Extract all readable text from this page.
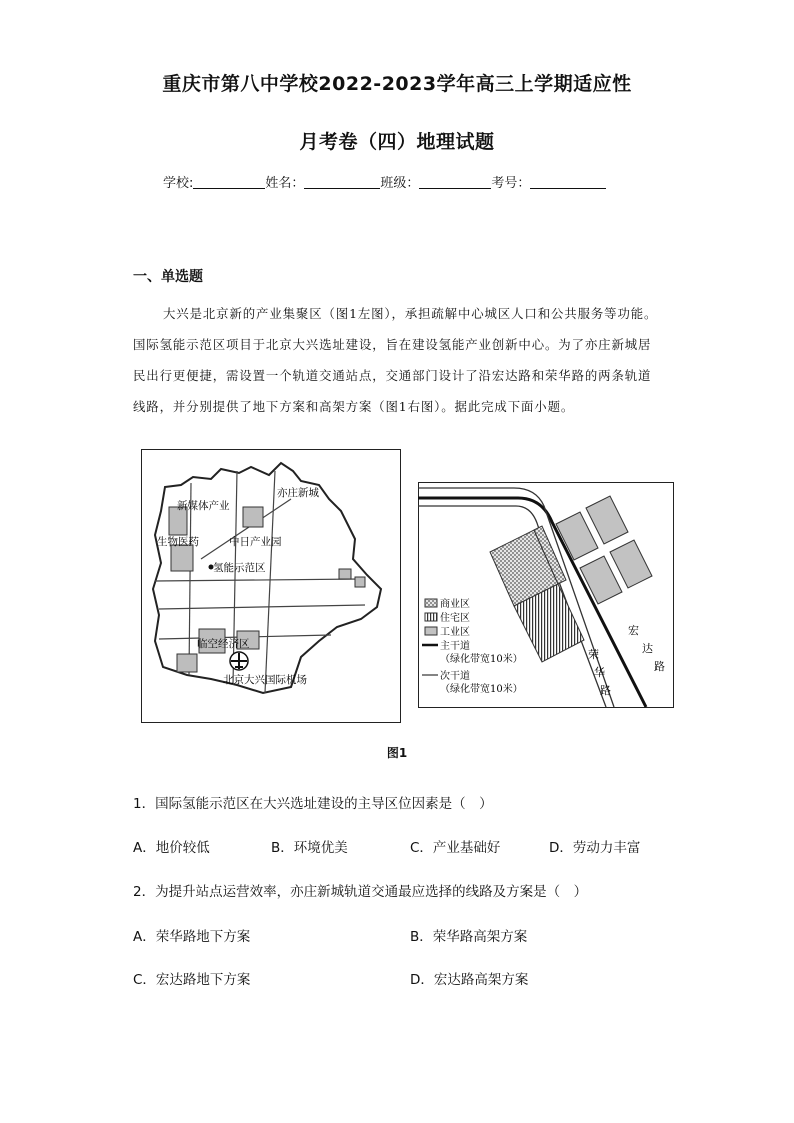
重庆市第八中学校2022-2023学年高三上学期适应性
月考卷（四）地理试题
学校:	姓名：	班级：	考号：
一、单选题
大兴是北京新的产业集聚区（图1左图），承担疏解中心城区人口和公共服务等功能。国际氢能示范区项目于北京大兴选址建设，旨在建设氢能产业创新中心。为了亦庄新城居民出行更便捷，需设置一个轨道交通站点，交通部门设计了沿宏达路和荣华路的两条轨道线路，并分别提供了地下方案和高架方案（图1右图）。据此完成下面小题。
亦庄新城
新媒体产业
生物医药	中日产业园
氢能示范区
临空经济区
北京大兴国际机场
商业区
住宅区
工业区
主干道
（绿化带宽10米）
次干道
（绿化带宽10米）
荣
华
路
宏
达
路
图1
1．国际氢能示范区在大兴选址建设的主导区位因素是（　）
A．地价较低	B．环境优美	C．产业基础好	D．劳动力丰富
2．为提升站点运营效率，亦庄新城轨道交通最应选择的线路及方案是（　）
A．荣华路地下方案	B．荣华路高架方案
C．宏达路地下方案	D．宏达路高架方案
